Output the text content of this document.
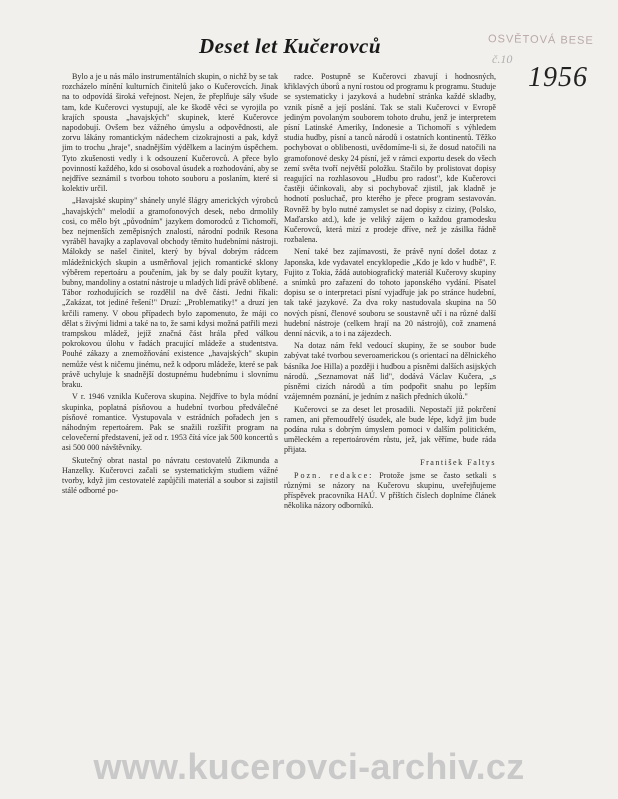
Deset let Kučerovců	OSVĚTOVÁ BESE
č.10
1956

Bylo a je u nás málo instrumentálních skupin, o nichž by se tak rozcházelo mínění kulturních činitelů jako o Kučerovcích. Jinak na to odpovídá široká veřejnost. Nejen, že přeplňuje sály všude tam, kde Kučerovci vystupují, ale ke škodě věci se vyrojila po krajích spousta „havajských" skupinek, které Kučerovce napodobují. Ovšem bez vážného úmyslu a odpovědnosti, ale zorvu lákány romantickým nádechem cizokrajnosti a pak, když jim to trochu „hraje", snadnějším výdělkem a laciným úspěchem. Tyto zkušenosti vedly i k odsouzení Kučerovců. A přece bylo povinností každého, kdo si osoboval úsudek a rozhodování, aby se nejdříve seznámil s tvorbou tohoto souboru a poslaním, které si kolektiv určil.

„Havajské skupiny" shánely unylé šlágry amerických výrobců „havajských" melodií a gramofonových desek, nebo drmolily cosi, co mělo být „původním" jazykem domorodců z Tichomoří, bez nejmenších zeměpisných znalostí, národní podnik Resona vyráběl havajky a zaplavoval obchody těmito hudebními nástroji. Málokdy se našel činitel, který by býval dobrým rádcem mládežnických skupin a usměrňoval jejich romantické sklony výběrem repertoáru a poučením, jak by se daly použít kytary, bubny, mandoliny a ostatní nástroje u mladých lidí právě oblíbené. Tábor rozhodujících se rozdělil na dvě části. Jedni říkali: „Zakázat, tot jediné řešení!" Druzí: „Problematiky!" a druzí jen krčili rameny. V obou případech bylo zapomenuto, že máji co dělat s živými lidmi a také na to, že sami kdysi možná patřili mezi trampskou mládež, jejíž značná část hrála před válkou pokrokovou úlohu v řadách pracující mládeže a studentstva. Pouhé zákazy a znemožňování existence „havajských" skupin nemůže vést k ničemu jinému, než k odporu mládeže, které se pak právě uchyluje k snadnější dostupnému hudebnímu i slovnímu braku.

V r. 1946 vznikla Kučerova skupina. Nejdříve to byla módní skupinka, poplatná písňovou a hudební tvorbou předválečné písňové romantice. Vystupovala v estrádních pořadech jen s náhodným repertoárem. Pak se snažili rozšířit program na celovečerní představení, jež od r. 1953 čítá více jak 500 koncertů s asi 500 000 návštěvníky.

Skutečný obrat nastal po návratu cestovatelů Zikmunda a Hanzelky. Kučerovci začali se systematickým studiem vážné tvorby, když jim cestovatelé zapůjčili materiál a soubor si zajistil stálé odborné po-

radce. Postupně se Kučerovci zbavují i hodnosných, křiklavých úborů a nyní rostou od programu k programu. Studuje se systematicky i jazyková a hudební stránka každé skladby, vznik písně a její poslání. Tak se stali Kučerovci v Evropě jediným povolaným souborem tohoto druhu, jenž je interpretem písní Latinské Ameriky, Indonesie a Tichomoří s výhledem studia hudby, písní a tanců národů i ostatních kontinentů. Těžko pochybovat o oblibenosti, uvědomíme-li si, že dosud natočili na gramofonové desky 24 písní, jež v rámci exportu desek do všech zemí světa tvoří největší položku. Stačilo by prolistovat dopisy reagující na rozhlasovou „Hudbu pro radost", kde Kučerovci častěji účinkovali, aby si pochybovač zjistil, jak kladně je hodnotí posluchač, pro kterého je přece program sestavován. Rovněž by bylo nutné zamyslet se nad dopisy z ciziny, (Polsko, Maďarsko atd.), kde je veliký zájem o každou gramodesku Kučerovců, která mizí z prodeje dříve, než je zásilka řádně rozbalena.

Není také bez zajímavosti, že právě nyní došel dotaz z Japonska, kde vydavatel encyklopedie „Kdo je kdo v hudbě", F. Fujito z Tokia, žádá autobiografický materiál Kučerovy skupiny a snímků pro zařazení do tohoto japonského vydání. Písatel dopisu se o interpretaci písní vyjadřuje jak po stránce hudební, tak také jazykové. Za dva roky nastudovala skupina na 50 nových písní, členové souboru se soustavně učí i na různé další hudební nástroje (celkem hrají na 20 nástrojů), což znamená denní nácvik, a to i na zájezdech.

Na dotaz nám řekl vedoucí skupiny, že se soubor bude zabývat také tvorbou severoamerickou (s orientací na dělnického básníka Joe Hilla) a později i hudbou a písněmi dalších asijských národů. „Seznamovat náš lid", dodává Václav Kučera, „s písněmi cizích národů a tím podpořit snahu po lepším vzájemném poznání, je jedním z našich předních úkolů."

Kučerovci se za deset let prosadili. Nepostačí již pokrčení ramen, ani přemoudřelý úsudek, ale bude lépe, když jim bude podána ruka s dobrým úmyslem pomoci v dalším politickém, uměleckém a repertoárovém růstu, jež, jak věříme, bude ráda přijata.

František Faltys

Pozn. redakce: Protože jsme se často setkali s různými se názory na Kučerovu skupinu, uveřejňujeme příspěvek pracovníka HAÚ. V příštích číslech doplníme článek několika názory odborníků.

www.kucerovci-archiv.cz
